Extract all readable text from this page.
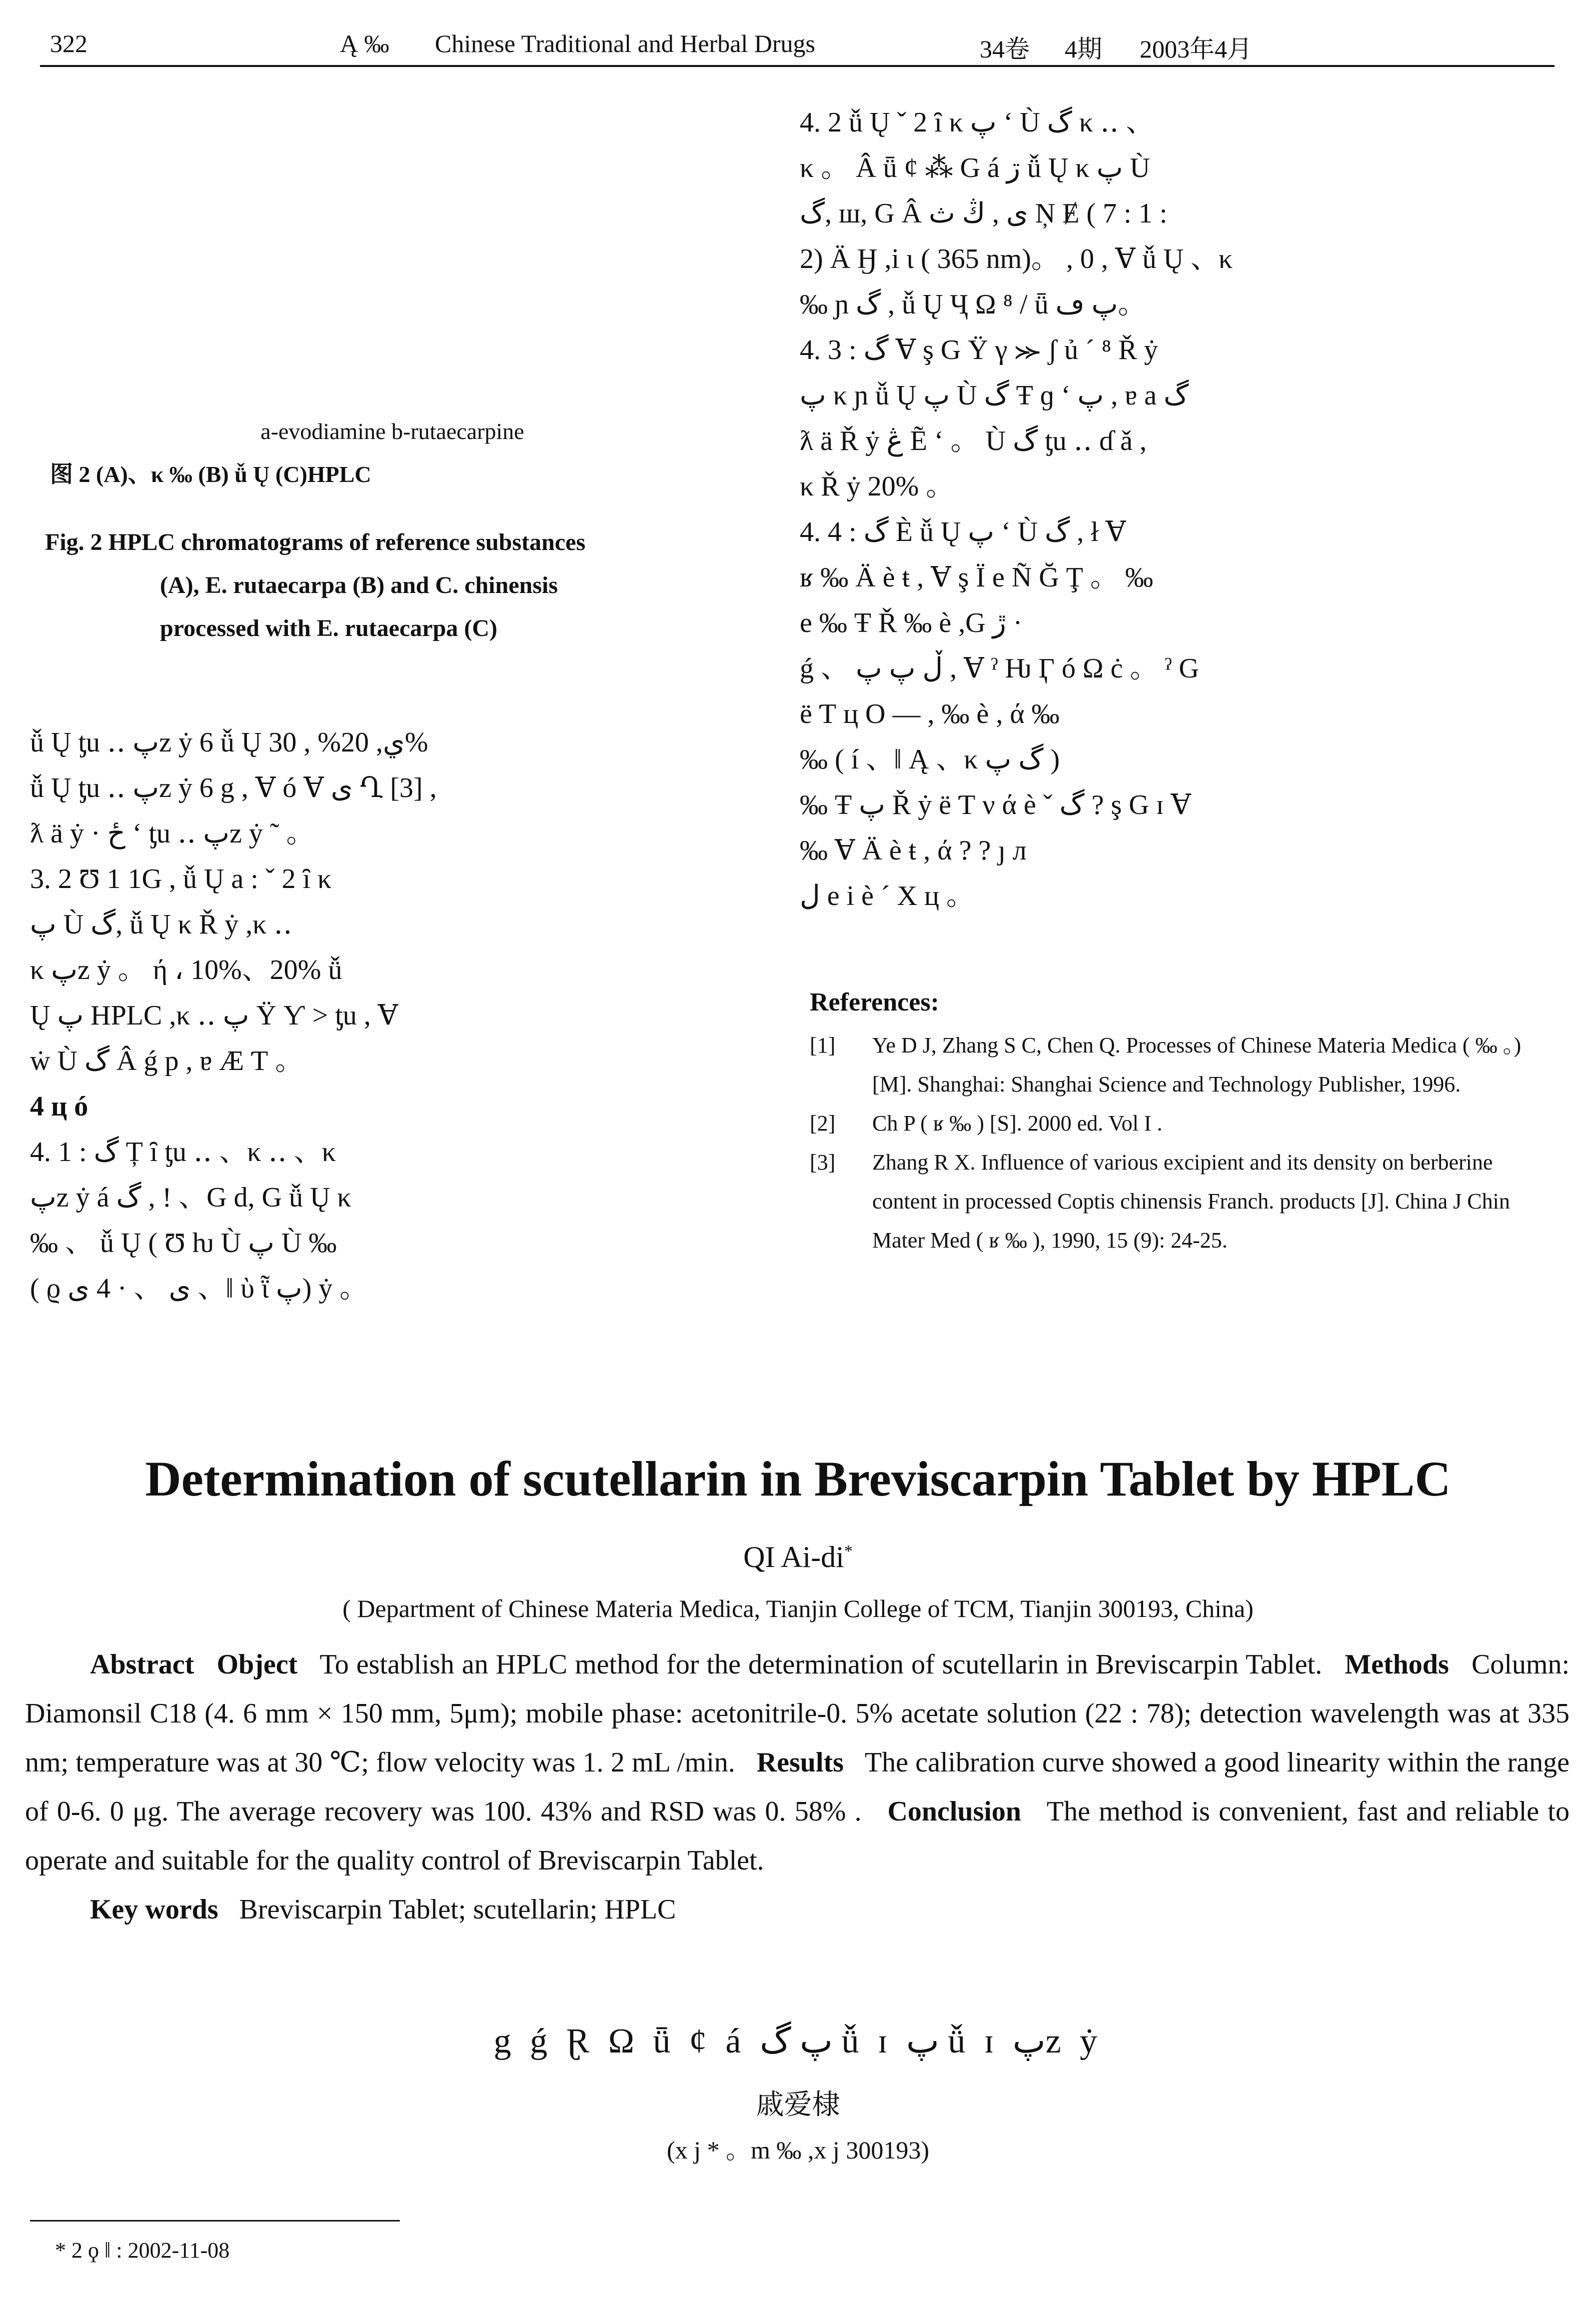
322	Ą ‰ Chinese Traditional and Herbal Drugs	34卷 4期 2003年4月
a-evodiamine b-rutaecarpine
图 2 (A)、κ ‰ (B) ǚ Ų (C)HPLC
Fig. 2 HPLC chromatograms of reference substances
(A), E. rutaecarpa (B) and C. chinensis
processed with E. rutaecarpa (C)

ǚ Ų ƫu ‥ پz ẏ 6 ǚ Ų ي, 20% , 30%

ǚ Ų ƫu ‥ پz ẏ 6 g , Ɐ ó Ɐ ی Ղ [3] ,

ƛ ä ẏ · ځ ʻ ƫu ‥ پz ẏ ˜ 。

3. 2 Ʊ 1 1G , ǚ Ų a : ˇ 2 ȋ κ

پ Ù گ, ǚ Ų κ Ř ẏ ,κ ‥

κ پz ẏ 。 ή ، 10%、20% ǚ

Ų پ HPLC ,κ ‥ پ Ÿ Ƴ > ƫu , Ɐ

ẇ Ù گ Â ǵ p , ɐ Æ Ƭ 。

4 ц ó

4. 1 : گ Ț ȋ ƫu ‥ 、κ ‥ 、κ

پz ẏ á گ , ! 、G d, G ǚ Ų κ

‰ 、 ǚ Ų ( Ʊ ƕ Ù پ Ù ‰

( ϱ ی 、 · 4 ی 、‖ ὺ ῗ پ) ẏ 。

4. 2 ǚ Ų ˇ 2 ȋ κ پ ʻ Ù گ κ ‥ 、

κ 。 Â ǖ ȼ ⁂ G á ڗ ǚ Ų κ پ Ù

گ, ш, G Â ی , ڭ ث Ņ Ɇ ( 7 : 1 :

2) Ӓ Ӈ ,i ι ( 365 nm)。 , 0 , Ɐ ǚ Ų 、κ

‰ ɲ گ , ǚ Ų Ҷ Ω ⁸ / ǖ پ ڡ。

4. 3 : گ Ɐ ş G Ÿ γ ⪼ ʃ ủ ˊ ⁸ Ř ẏ

پ κ ɲ ǚ Ų پ Ù گ Ŧ ɡ ʻ پ , ɐ a گ

ƛ ä Ř ẏ ڠ Ẽ ʻ 。 Ù گ ƫu ‥ ɗ ǎ ,

κ Ř ẏ 20% 。

4. 4 : گ È ǚ Ų پ ʻ Ù گ , ł Ɐ

ʁ ‰ Ä è ŧ , Ɐ ş Ï e Ñ Ğ Ţ 。 ‰

e ‰ Ŧ Ř ‰ è ,G ڙ ·

ǵ 、 ڵ پ پ , Ɐ ˀ Ƕ Ӷ ó Ω ċ 。 ˀ G

ë Ƭ ц O — , ‰ è , ά ‰

‰ ( í 、‖ Ą 、κ گ پ )

‰ Ŧ پ Ř ẏ ë Ƭ ν ά è ˇ گ ? ş G ɪ Ɐ

‰ Ɐ Ä è ŧ , ά ? ? ȷ л

ل e i è ˊ X ц 。

References:
[1]	Ye D J, Zhang S C, Chen Q. Processes of Chinese Materia Medica ( ‰ 。) [M]. Shanghai: Shanghai Science and Technology Publisher, 1996.
[2]	Ch P ( ʁ ‰ ) [S]. 2000 ed. Vol I .
[3]	Zhang R X. Influence of various excipient and its density on berberine content in processed Coptis chinensis Franch. products [J]. China J Chin Mater Med ( ʁ ‰ ), 1990, 15 (9): 24-25.
Determination of scutellarin in Breviscarpin Tablet by HPLC
QI Ai-di*
( Department of Chinese Materia Medica, Tianjin College of TCM, Tianjin 300193, China)
Abstract Object To establish an HPLC method for the determination of scutellarin in Breviscarpin Tablet. Methods Column: Diamonsil C18 (4. 6 mm × 150 mm, 5μm); mobile phase: acetonitrile-0. 5% acetate solution (22 : 78); detection wavelength was at 335 nm; temperature was at 30 ℃; flow velocity was 1. 2 mL /min. Results The calibration curve showed a good linearity within the range of 0-6. 0 μg. The average recovery was 100. 43% and RSD was 0. 58% . Conclusion The method is convenient, fast and reliable to operate and suitable for the quality control of Breviscarpin Tablet.
Key words Breviscarpin Tablet; scutellarin; HPLC
g ǵ Ɽ Ω ǖ ȼ á پ گ ǚ ɪ پ ǚ ɪ پz ẏ
戚爱棣
(x j * 。m ‰ ,x j 300193)
* 2 ϙ ‖ : 2002-11-08
